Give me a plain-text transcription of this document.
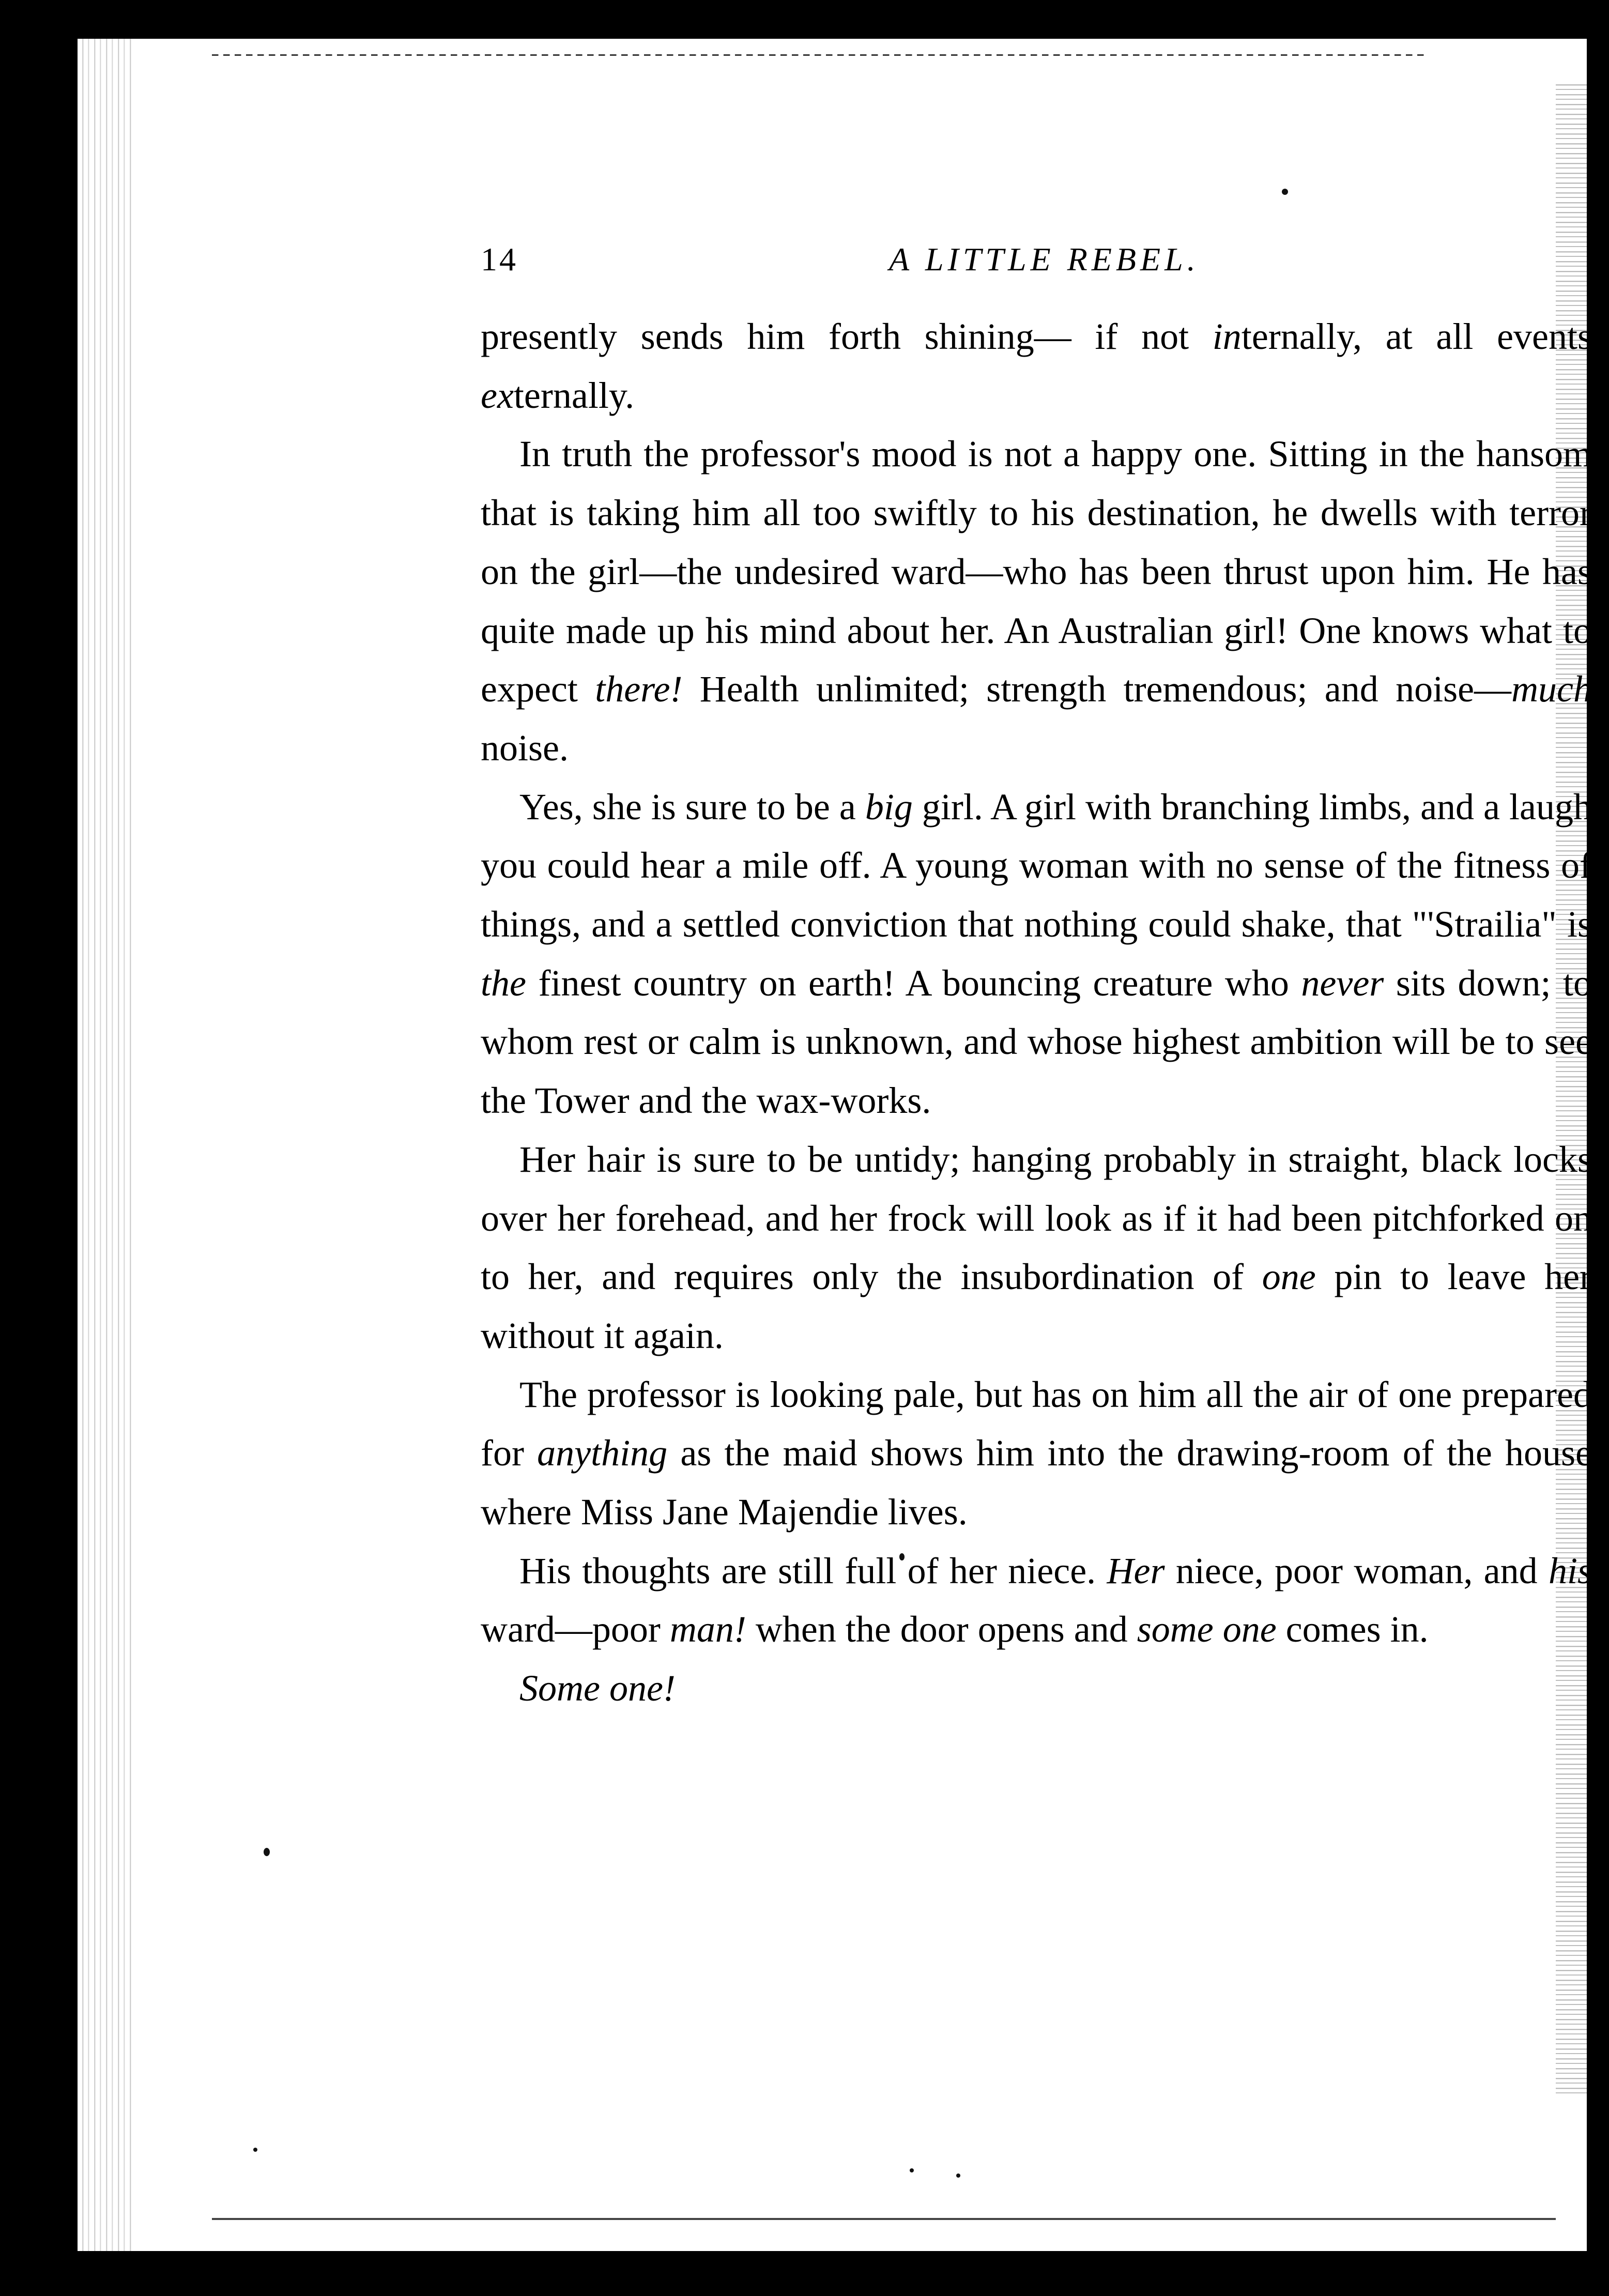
14	A LITTLE REBEL.

presently sends him forth shining— if not internally, at all events externally.

In truth the professor's mood is not a happy one. Sitting in the hansom that is taking him all too swiftly to his destination, he dwells with terror on the girl—the undesired ward—who has been thrust upon him. He has quite made up his mind about her. An Australian girl! One knows what to expect there! Health unlimited; strength tremendous; and noise—much noise.

Yes, she is sure to be a big girl. A girl with branching limbs, and a laugh you could hear a mile off. A young woman with no sense of the fitness of things, and a settled conviction that nothing could shake, that "'Strailia" is the finest country on earth! A bouncing creature who never sits down; to whom rest or calm is unknown, and whose highest ambition will be to see the Tower and the wax-works.

Her hair is sure to be untidy; hanging probably in straight, black locks over her forehead, and her frock will look as if it had been pitchforked on to her, and requires only the insubordination of one pin to leave her without it again.

The professor is looking pale, but has on him all the air of one prepared for anything as the maid shows him into the drawing-room of the house where Miss Jane Majendie lives.

His thoughts are still full of her niece. Her niece, poor woman, and his ward—poor man! when the door opens and some one comes in.

Some one!
